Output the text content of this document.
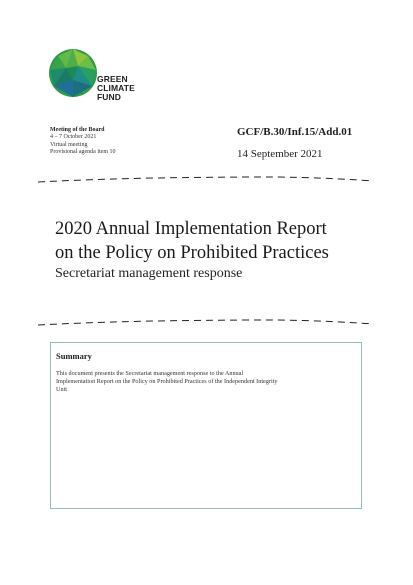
GREEN
CLIMATE
FUND
Meeting of the Board
4 – 7 October 2021
Virtual meeting
Provisional agenda item 10
GCF/B.30/Inf.15/Add.01
14 September 2021
2020 Annual Implementation Report
on the Policy on Prohibited Practices
Secretariat management response
Summary
This document presents the Secretariat management response to the Annual
Implementation Report on the Policy on Prohibited Practices of the Independent Integrity
Unit
